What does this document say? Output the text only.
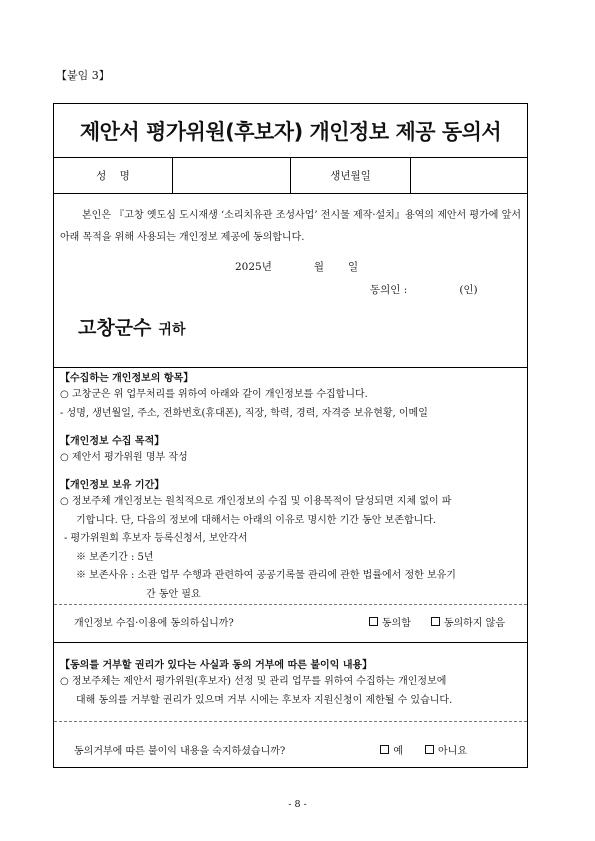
【붙임 3】
제안서 평가위원(후보자) 개인정보 제공 동의서
성    명	생년월일
본인은 『고창 옛도심 도시재생 ‘소리치유관 조성사업’ 전시물 제작·설치』용역의 제안서 평가에 앞서 아래 목적을 위해 사용되는 개인정보 제공에 동의합니다.
2025년	월 일
동의인 :	(인)
고창군수 귀하
【수집하는 개인정보의 항목】
○ 고창군은 위 업무처리를 위하여 아래와 같이 개인정보를 수집합니다.
- 성명, 생년월일, 주소, 전화번호(휴대폰), 직장, 학력, 경력, 자격증 보유현황, 이메일
【개인정보 수집 목적】
○ 제안서 평가위원 명부 작성
【개인정보 보유 기간】
○ 정보주체 개인정보는 원칙적으로 개인정보의 수집 및 이용목적이 달성되면 지체 없이 파
기합니다. 단, 다음의 정보에 대해서는 아래의 이유로 명시한 기간 동안 보존합니다.
- 평가위원회 후보자 등록신청서, 보안각서
※ 보존기간 : 5년
※ 보존사유 : 소관 업무 수행과 관련하여 공공기록물 관리에 관한 법률에서 정한 보유기
간 동안 필요
개인정보 수집·이용에 동의하십니까?	동의함	동의하지 않음
【동의를 거부할 권리가 있다는 사실과 동의 거부에 따른 불이익 내용】
○ 정보주체는 제안서 평가위원(후보자) 선정 및 관리 업무를 위하여 수집하는 개인정보에
대해 동의를 거부할 권리가 있으며 거부 시에는 후보자 지원신청이 제한될 수 있습니다.
동의거부에 따른 불이익 내용을 숙지하셨습니까?	예	아니요
- 8 -
